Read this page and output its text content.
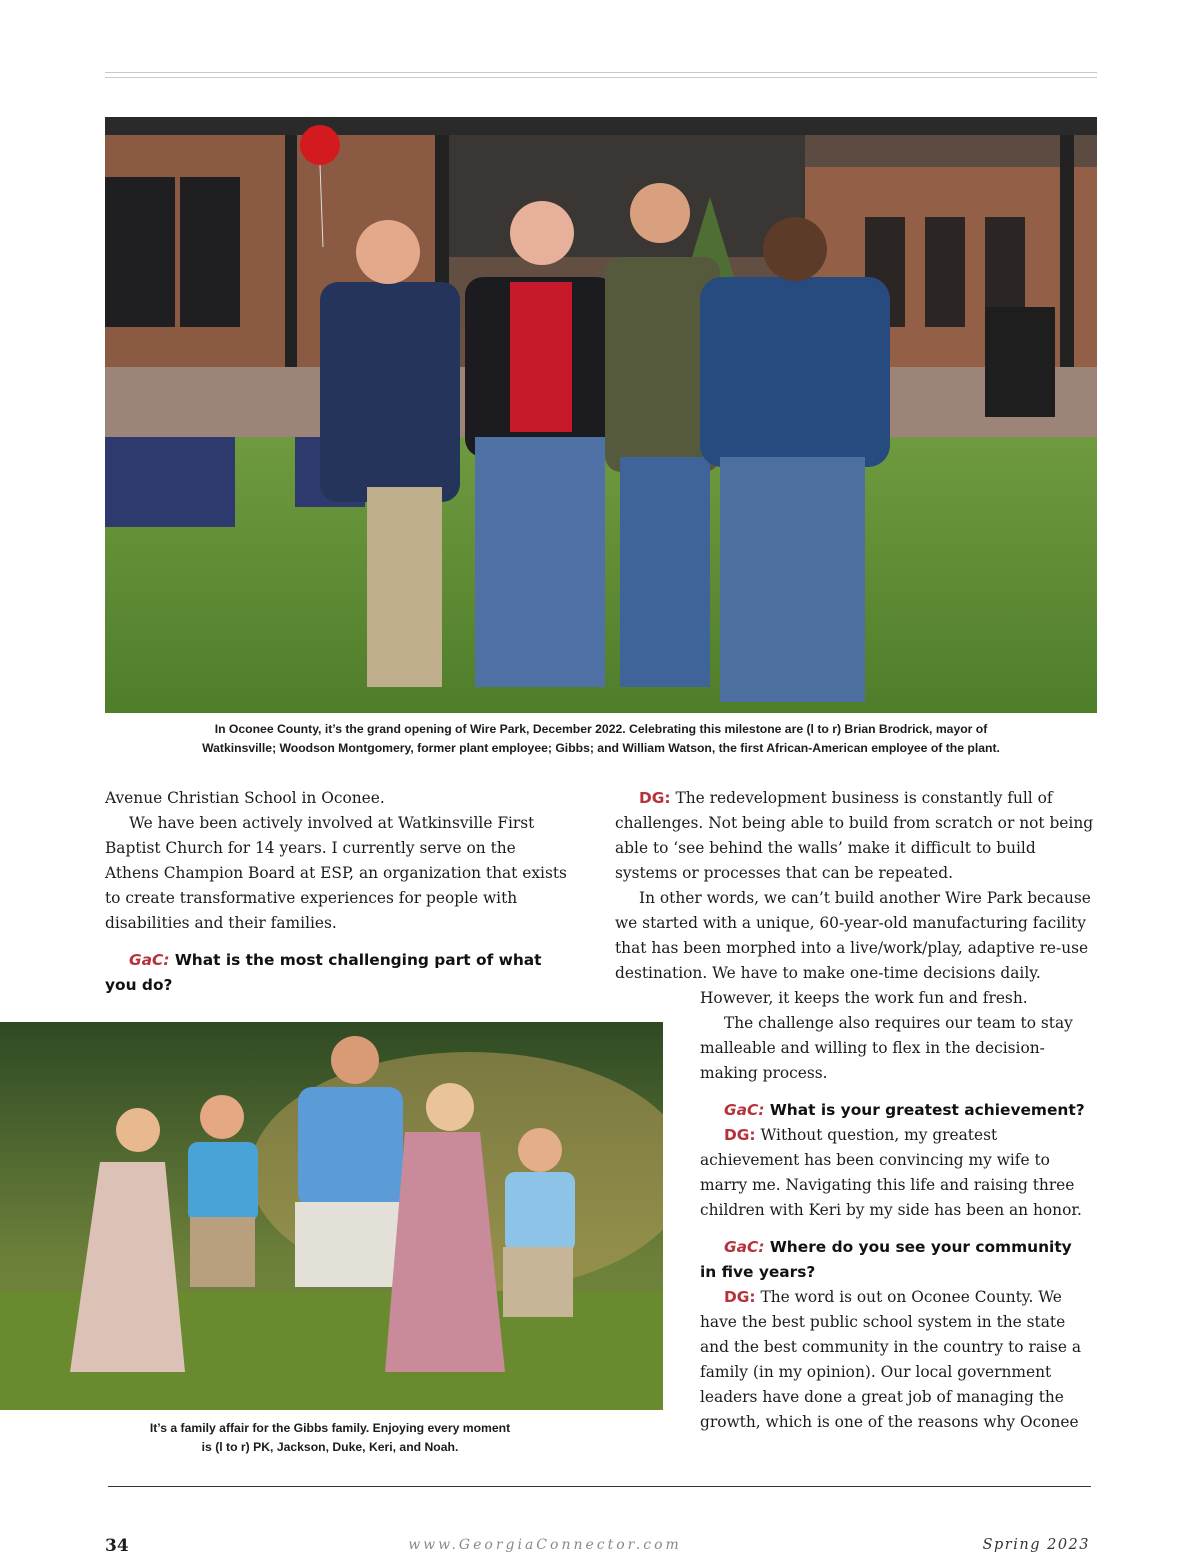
In Oconee County, it’s the grand opening of Wire Park, December 2022. Celebrating this milestone are (l to r) Brian Brodrick, mayor of
Watkinsville; Woodson Montgomery, former plant employee; Gibbs; and William Watson, the first African-American employee of the plant.

Avenue Christian School in Oconee.

We have been actively involved at Watkinsville First Baptist Church for 14 years. I currently serve on the Athens Champion Board at ESP, an organization that exists to create transformative experiences for people with disabilities and their families.

GaC: What is the most challenging part of what you do?

DG: The redevelopment business is constantly full of challenges. Not being able to build from scratch or not being able to ‘see behind the walls’ make it difficult to build systems or processes that can be repeated.

In other words, we can’t build another Wire Park because we started with a unique, 60-year-old manufacturing facility that has been morphed into a live/work/play, adaptive re-use destination. We have to make one-time decisions daily.

It’s a family affair for the Gibbs family. Enjoying every moment
is (l to r) PK, Jackson, Duke, Keri, and Noah.

However, it keeps the work fun and fresh.

The challenge also requires our team to stay malleable and willing to flex in the decision-making process.

GaC: What is your greatest achievement?

DG: Without question, my greatest achievement has been convincing my wife to marry me. Navigating this life and raising three children with Keri by my side has been an honor.

GaC: Where do you see your community in five years?

DG: The word is out on Oconee County. We have the best public school system in the state and the best community in the country to raise a family (in my opinion). Our local government leaders have done a great job of managing the growth, which is one of the reasons why Oconee

34	www.GeorgiaConnector.com	Spring 2023
